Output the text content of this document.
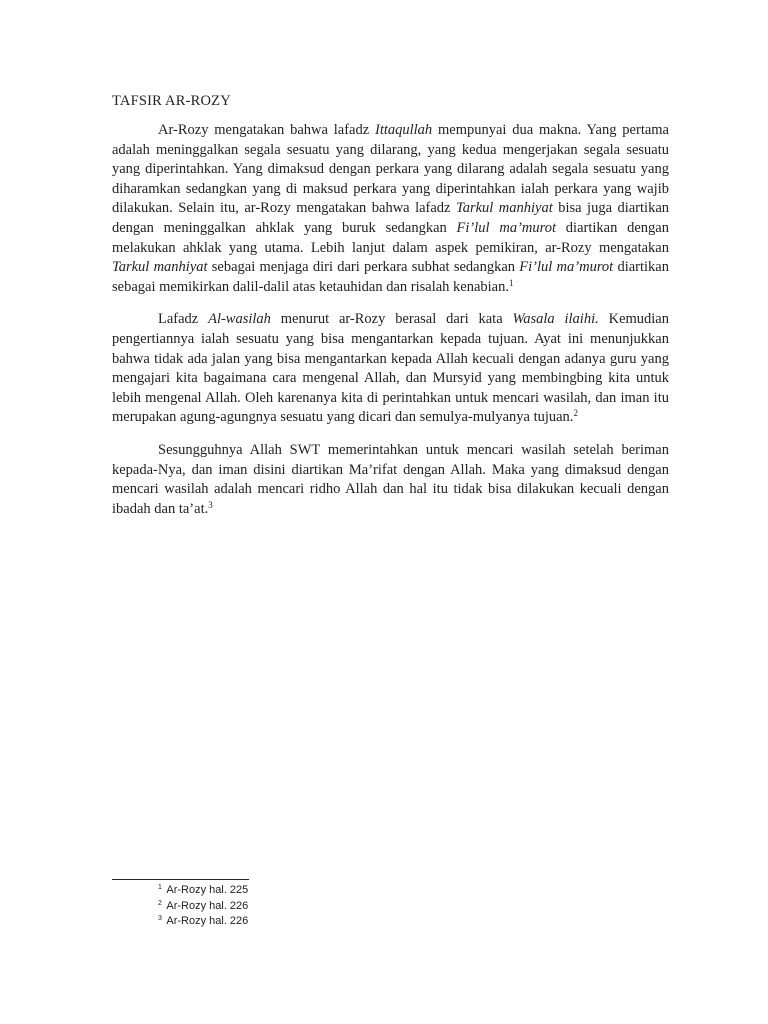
TAFSIR AR-ROZY

Ar-Rozy mengatakan bahwa lafadz Ittaqullah mempunyai dua makna. Yang pertama adalah meninggalkan segala sesuatu yang dilarang, yang kedua mengerjakan segala sesuatu yang diperintahkan. Yang dimaksud dengan perkara yang dilarang adalah segala sesuatu yang diharamkan sedangkan yang di maksud perkara yang diperintahkan ialah perkara yang wajib dilakukan. Selain itu, ar-Rozy mengatakan bahwa lafadz Tarkul manhiyat bisa juga diartikan dengan meninggalkan ahklak yang buruk sedangkan Fi’lul ma’murot diartikan dengan melakukan ahklak yang utama. Lebih lanjut dalam aspek pemikiran, ar-Rozy mengatakan Tarkul manhiyat sebagai menjaga diri dari perkara subhat sedangkan Fi’lul ma’murot diartikan sebagai memikirkan dalil-dalil atas ketauhidan dan risalah kenabian.$^1$

Lafadz Al-wasilah menurut ar-Rozy berasal dari kata Wasala ilaihi. Kemudian pengertiannya ialah sesuatu yang bisa mengantarkan kepada tujuan. Ayat ini menunjukkan bahwa tidak ada jalan yang bisa mengantarkan kepada Allah kecuali dengan adanya guru yang mengajari kita bagaimana cara mengenal Allah, dan Mursyid yang membingbing kita untuk lebih mengenal Allah. Oleh karenanya kita di perintahkan untuk mencari wasilah, dan iman itu merupakan agung-agungnya sesuatu yang dicari dan semulya-mulyanya tujuan.$^2$

Sesungguhnya Allah SWT memerintahkan untuk mencari wasilah setelah beriman kepada-Nya, dan iman disini diartikan Ma’rifat dengan Allah. Maka yang dimaksud dengan mencari wasilah adalah mencari ridho Allah dan hal itu tidak bisa dilakukan kecuali dengan ibadah dan ta’at.$^3$

$^1$ Ar-Rozy hal. 225
$^2$ Ar-Rozy hal. 226
$^3$ Ar-Rozy hal. 226
